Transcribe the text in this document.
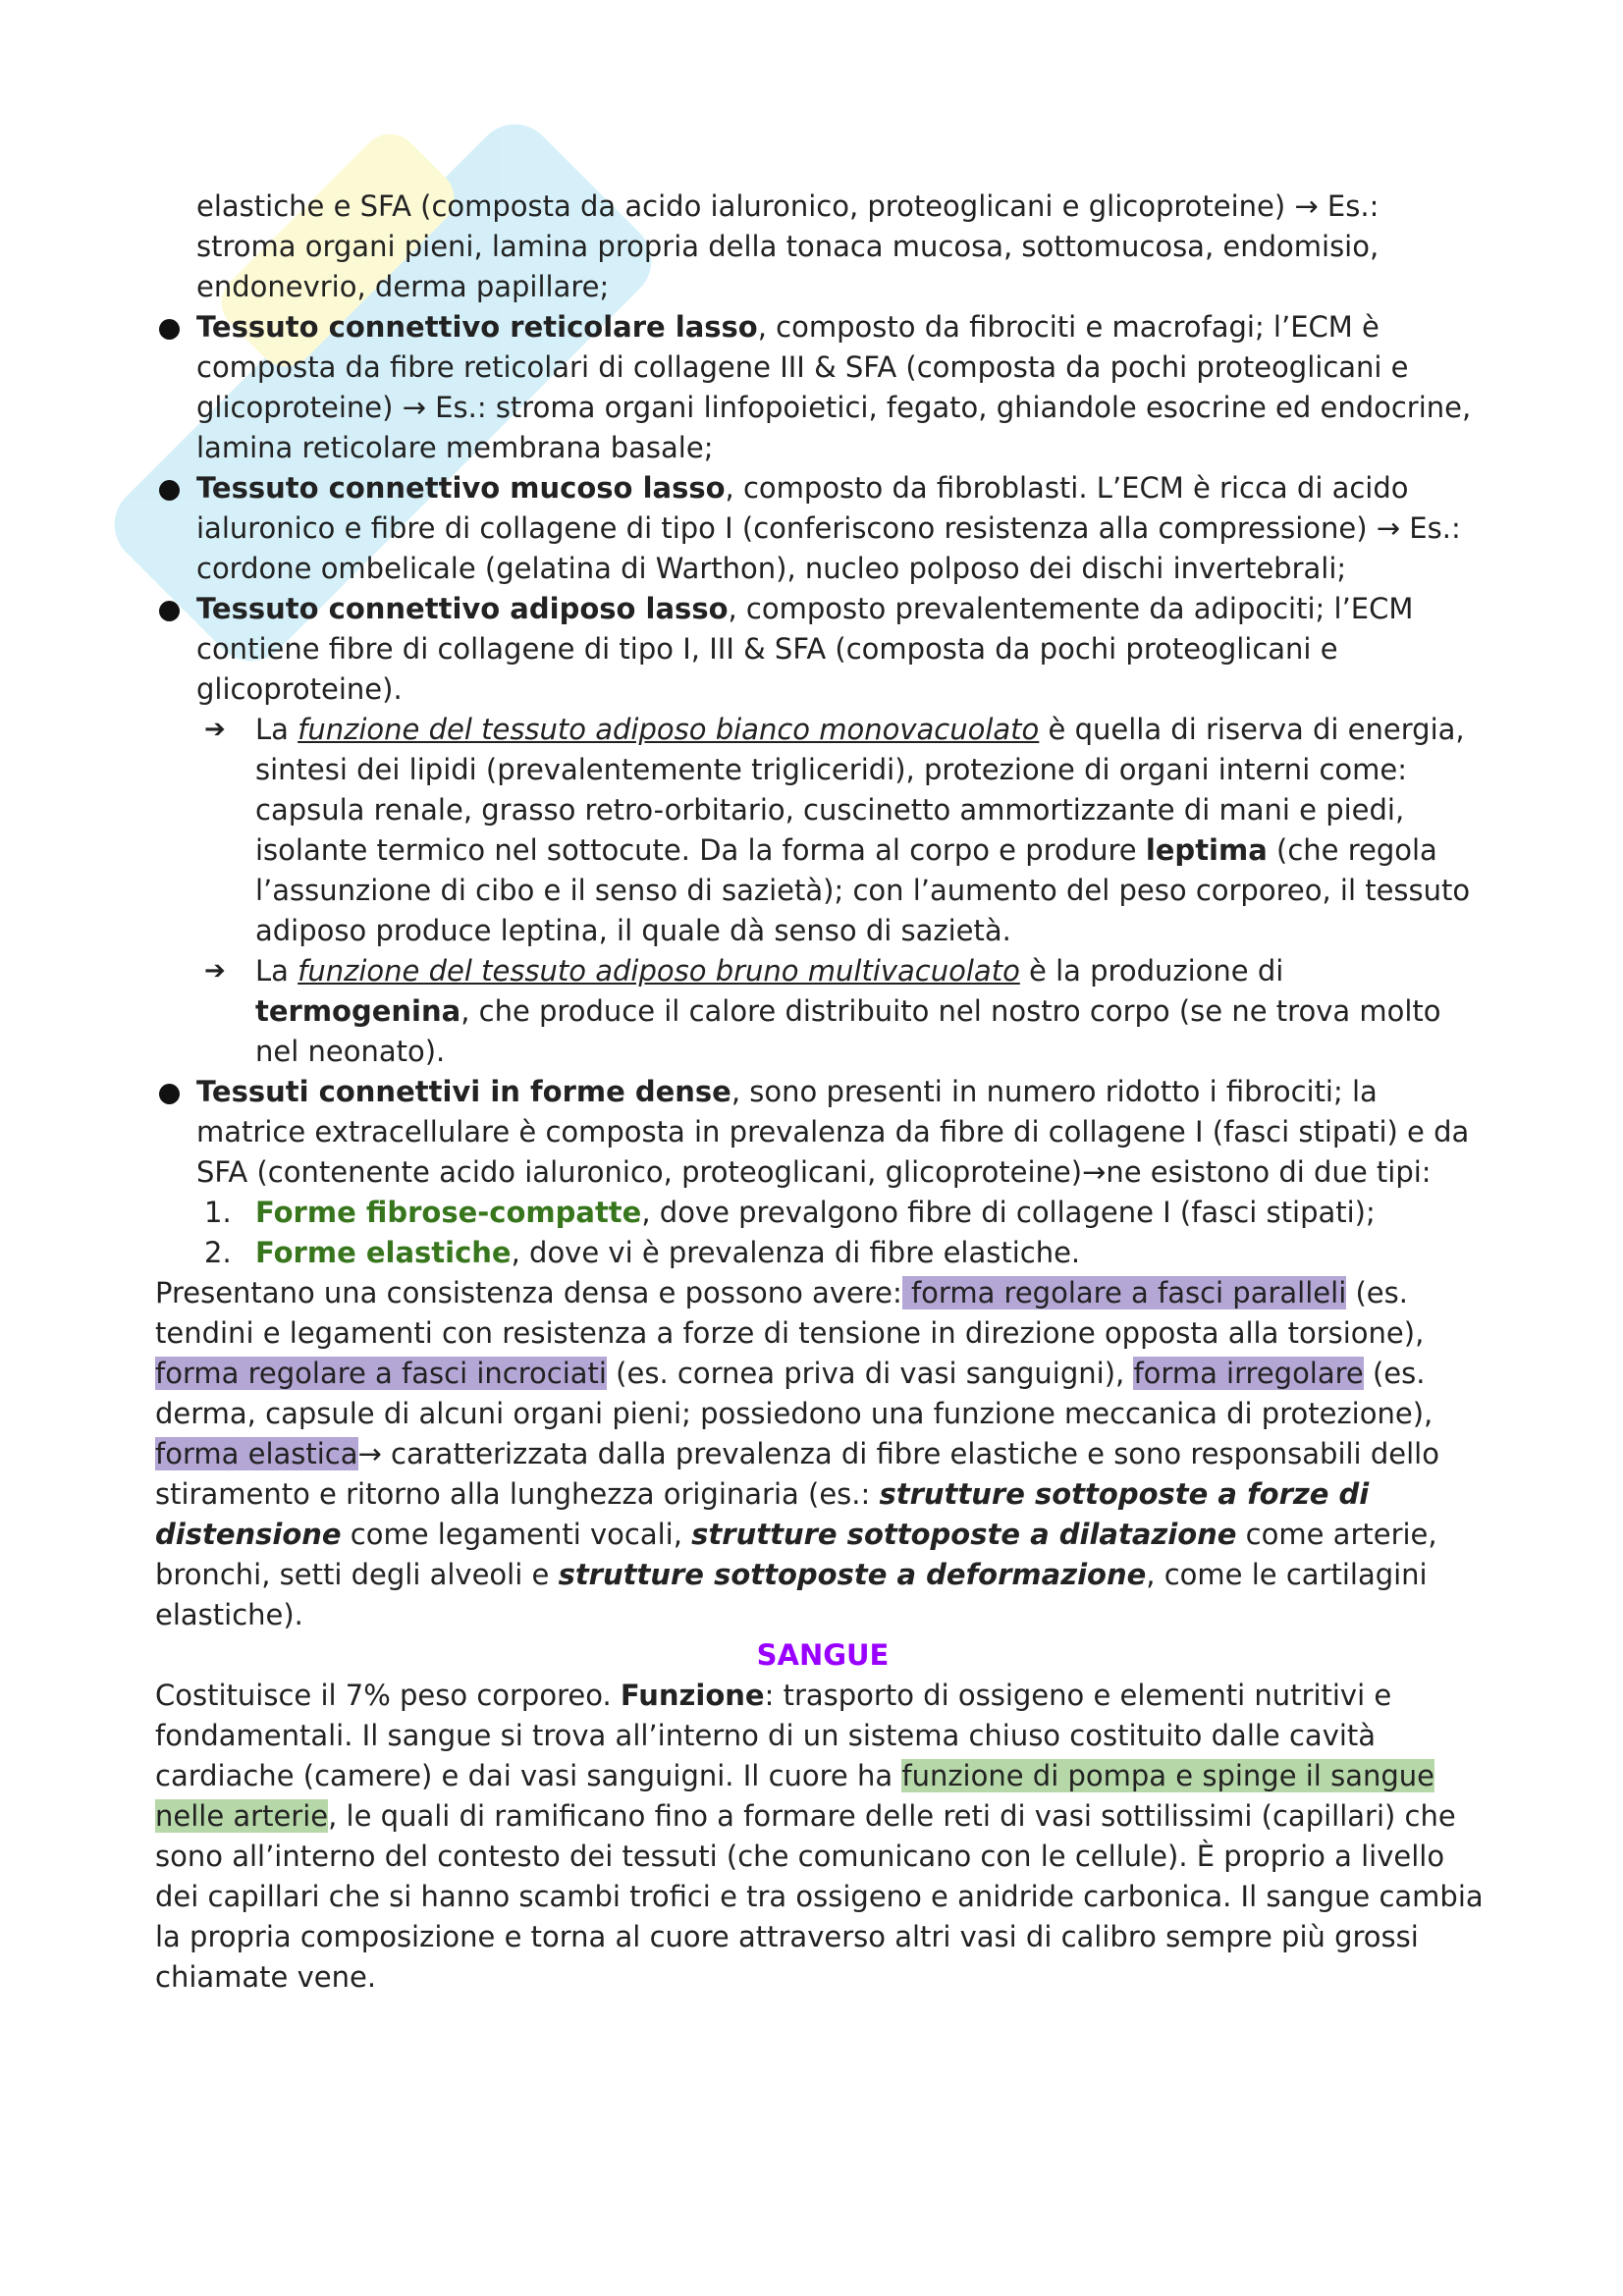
elastiche e SFA (composta da acido ialuronico, proteoglicani e glicoproteine) → Es.:

stroma organi pieni, lamina propria della tonaca mucosa, sottomucosa, endomisio,

endonevrio, derma papillare;

Tessuto connettivo reticolare lasso, composto da fibrociti e macrofagi; l’ECM è composta da fibre reticolari di collagene III & SFA (composta da pochi proteoglicani e glicoproteine) → Es.: stroma organi linfopoietici, fegato, ghiandole esocrine ed endocrine, lamina reticolare membrana basale;

Tessuto connettivo mucoso lasso, composto da fibroblasti. L’ECM è ricca di acido ialuronico e fibre di collagene di tipo I (conferiscono resistenza alla compressione) → Es.: cordone ombelicale (gelatina di Warthon), nucleo polposo dei dischi invertebrali;

Tessuto connettivo adiposo lasso, composto prevalentemente da adipociti; l’ECM contiene fibre di collagene di tipo I, III & SFA (composta da pochi proteoglicani e glicoproteine).

➔ La funzione del tessuto adiposo bianco monovacuolato è quella di riserva di energia, sintesi dei lipidi (prevalentemente trigliceridi), protezione di organi interni come: capsula renale, grasso retro-orbitario, cuscinetto ammortizzante di mani e piedi, isolante termico nel sottocute. Da la forma al corpo e produre leptima (che regola l’assunzione di cibo e il senso di sazietà); con l’aumento del peso corporeo, il tessuto adiposo produce leptina, il quale dà senso di sazietà.

➔ La funzione del tessuto adiposo bruno multivacuolato è la produzione di termogenina, che produce il calore distribuito nel nostro corpo (se ne trova molto nel neonato).

Tessuti connettivi in forme dense, sono presenti in numero ridotto i fibrociti; la matrice extracellulare è composta in prevalenza da fibre di collagene I (fasci stipati) e da SFA (contenente acido ialuronico, proteoglicani, glicoproteine)→ne esistono di due tipi:

1. Forme fibrose-compatte, dove prevalgono fibre di collagene I (fasci stipati);

2. Forme elastiche, dove vi è prevalenza di fibre elastiche.

Presentano una consistenza densa e possono avere: forma regolare a fasci paralleli (es. tendini e legamenti con resistenza a forze di tensione in direzione opposta alla torsione), forma regolare a fasci incrociati (es. cornea priva di vasi sanguigni), forma irregolare (es. derma, capsule di alcuni organi pieni; possiedono una funzione meccanica di protezione), forma elastica→ caratterizzata dalla prevalenza di fibre elastiche e sono responsabili dello stiramento e ritorno alla lunghezza originaria (es.: strutture sottoposte a forze di distensione come legamenti vocali, strutture sottoposte a dilatazione come arterie, bronchi, setti degli alveoli e strutture sottoposte a deformazione, come le cartilagini elastiche).

SANGUE

Costituisce il 7% peso corporeo. Funzione: trasporto di ossigeno e elementi nutritivi e fondamentali. Il sangue si trova all’interno di un sistema chiuso costituito dalle cavità cardiache (camere) e dai vasi sanguigni. Il cuore ha funzione di pompa e spinge il sangue nelle arterie, le quali di ramificano fino a formare delle reti di vasi sottilissimi (capillari) che sono all’interno del contesto dei tessuti (che comunicano con le cellule). È proprio a livello dei capillari che si hanno scambi trofici e tra ossigeno e anidride carbonica. Il sangue cambia la propria composizione e torna al cuore attraverso altri vasi di calibro sempre più grossi chiamate vene.
